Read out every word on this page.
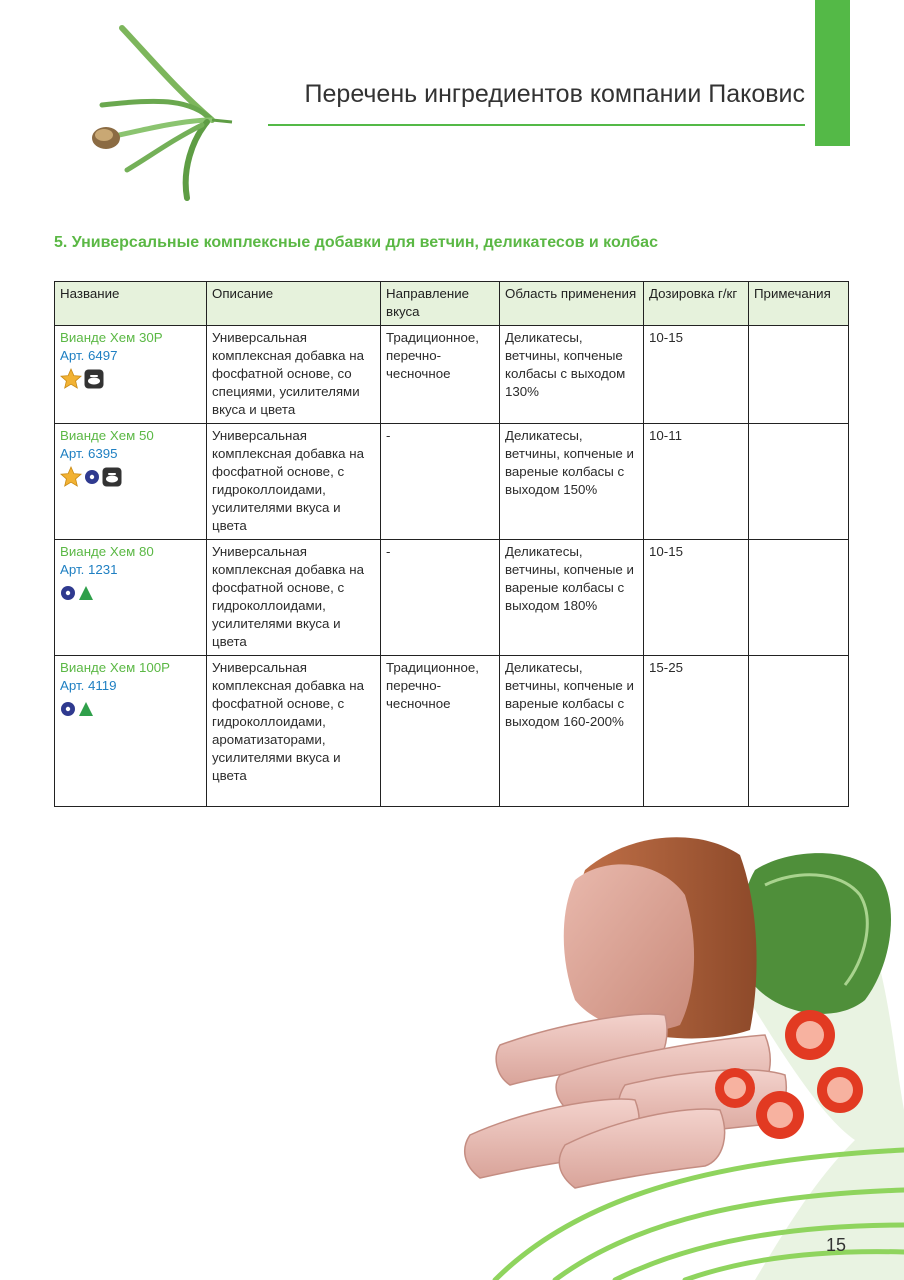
Перечень ингредиентов компании Паковис
5. Универсальные комплексные добавки для ветчин, деликатесов и колбас
Название	Описание	Направление вкуса	Область применения	Дозировка г/кг	Примечания

Вианде Хем 30Р
Арт. 6497	Универсальная комплексная добавка на фосфатной основе, со специями, усилителями вкуса и цвета	Традиционное, перечно-чесночное	Деликатесы, ветчины, копченые колбасы с выходом 130%	10-15	

Вианде Хем 50
Арт. 6395	Универсальная комплексная добавка на фосфатной основе, с гидроколлоидами, усилителями вкуса и цвета	-	Деликатесы, ветчины, копченые и вареные колбасы с выходом 150%	10-11	

Вианде Хем 80
Арт. 1231	Универсальная комплексная добавка на фосфатной основе, с гидроколлоидами, усилителями вкуса и цвета	-	Деликатесы, ветчины, копченые и вареные колбасы с выходом 180%	10-15	

Вианде Хем 100Р
Арт. 4119	Универсальная комплексная добавка на фосфатной основе, с гидроколлоидами, ароматизаторами, усилителями вкуса и цвета	Традиционное, перечно-чесночное	Деликатесы, ветчины, копченые и вареные колбасы с выходом 160-200%	15-25	
15
